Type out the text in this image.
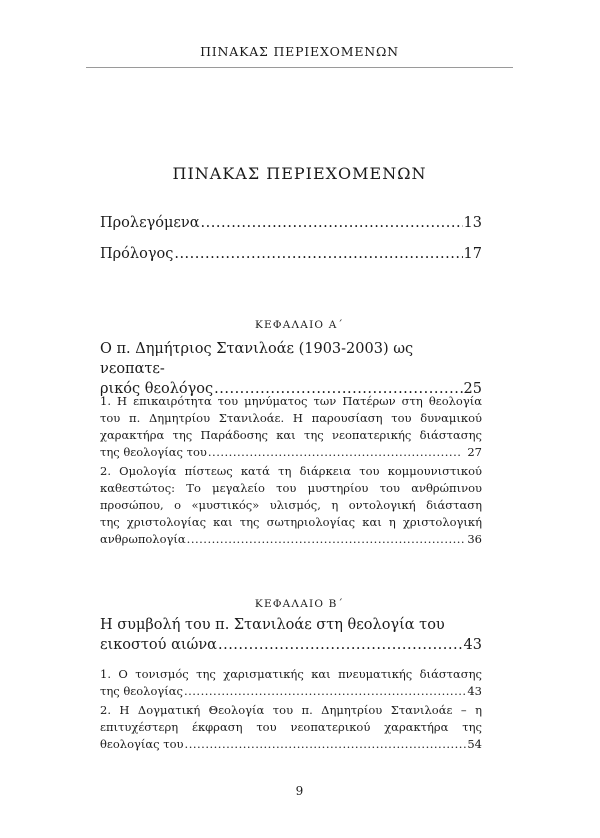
ΠΙΝΑΚΑΣ ΠΕΡΙΕΧΟΜΕΝΩΝ
ΠΙΝΑΚΑΣ ΠΕΡΙΕΧΟΜΕΝΩΝ
Προλεγόμενα .....	13
Πρόλογος .....	17
ΚΕΦΑΛΑΙΟ Α΄
Ο π. Δημήτριος Στανιλοάε (1903-2003) ως νεοπατε-
ρικός θεολόγος .....	25
1. Η επικαιρότητα του μηνύματος των Πατέρων στη θεολογία
του π. Δημητρίου Στανιλοάε. Η παρουσίαση του δυναμικού
χαρακτήρα της Παράδοσης και της νεοπατερικής διάστασης
της θεολογίας του .....	27
2. Ομολογία πίστεως κατά τη διάρκεια του κομμουνιστικού
καθεστώτος: Το μεγαλείο του μυστηρίου του ανθρώπινου
προσώπου, ο «μυστικός» υλισμός, η οντολογική διάσταση
της χριστολογίας και της σωτηριολογίας και η χριστολογική
ανθρωπολογία .....	36
ΚΕΦΑΛΑΙΟ Β΄
Η συμβολή του π. Στανιλοάε στη θεολογία του
εικοστού αιώνα .....	43
1. Ο τονισμός της χαρισματικής και πνευματικής διάστασης
της θεολογίας .....	43
2. Η Δογματική Θεολογία του π. Δημητρίου Στανιλοάε – η
επιτυχέστερη έκφραση του νεοπατερικού χαρακτήρα της
θεολογίας του .....	54
9
